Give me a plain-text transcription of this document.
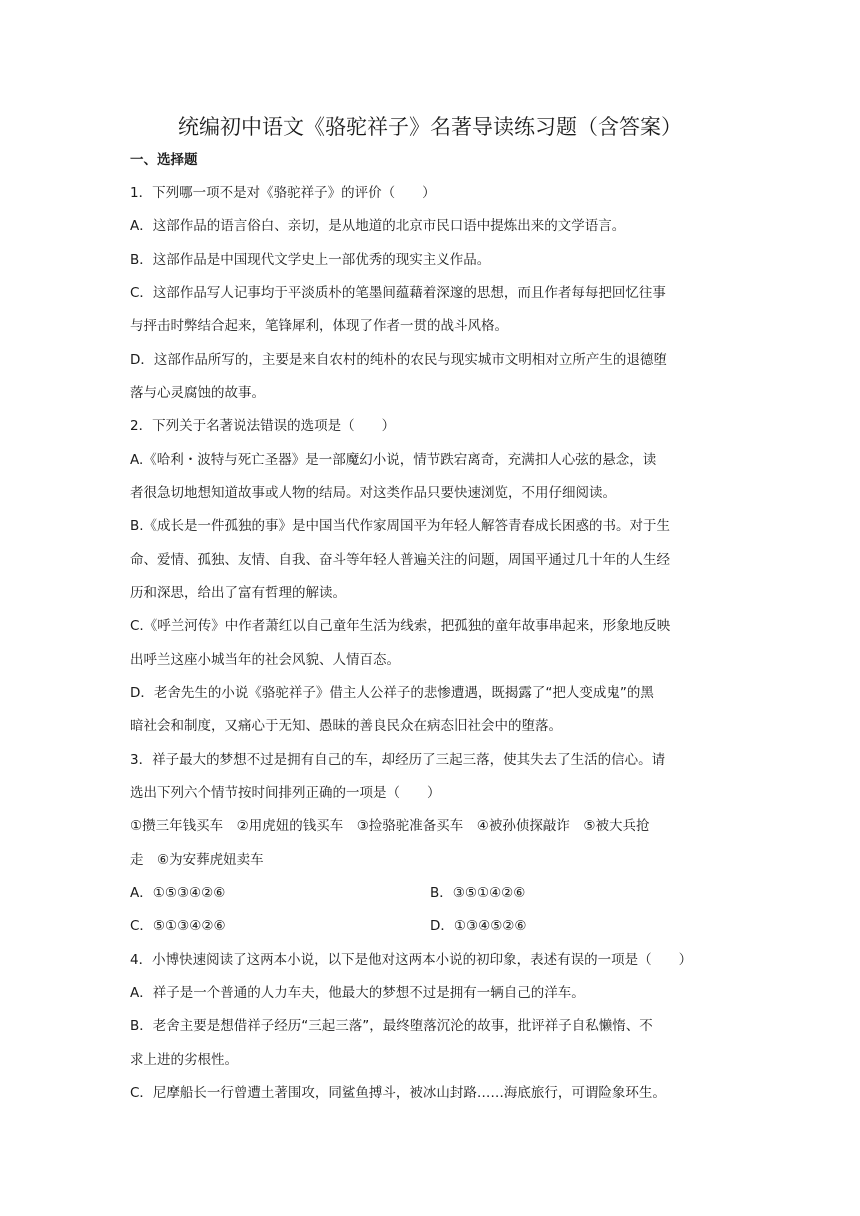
统编初中语文《骆驼祥子》名著导读练习题（含答案）
一、选择题
1．下列哪一项不是对《骆驼祥子》的评价（　　）
A．这部作品的语言俗白、亲切，是从地道的北京市民口语中提炼出来的文学语言。
B．这部作品是中国现代文学史上一部优秀的现实主义作品。
C．这部作品写人记事均于平淡质朴的笔墨间蕴藉着深邃的思想，而且作者每每把回忆往事
与抨击时弊结合起来，笔锋犀利，体现了作者一贯的战斗风格。
D．这部作品所写的，主要是来自农村的纯朴的农民与现实城市文明相对立所产生的退德堕
落与心灵腐蚀的故事。
2．下列关于名著说法错误的选项是（　　）
A.《哈利・波特与死亡圣器》是一部魔幻小说，情节跌宕离奇，充满扣人心弦的悬念，读
者很急切地想知道故事或人物的结局。对这类作品只要快速浏览，不用仔细阅读。
B.《成长是一件孤独的事》是中国当代作家周国平为年轻人解答青春成长困惑的书。对于生
命、爱情、孤独、友情、自我、奋斗等年轻人普遍关注的问题，周国平通过几十年的人生经
历和深思，给出了富有哲理的解读。
C.《呼兰河传》中作者萧红以自己童年生活为线索，把孤独的童年故事串起来，形象地反映
出呼兰这座小城当年的社会风貌、人情百态。
D．老舍先生的小说《骆驼祥子》借主人公祥子的悲惨遭遇，既揭露了“把人变成鬼”的黑
暗社会和制度，又痛心于无知、愚昧的善良民众在病态旧社会中的堕落。
3．祥子最大的梦想不过是拥有自己的车，却经历了三起三落，使其失去了生活的信心。请
选出下列六个情节按时间排列正确的一项是（　　）
①攒三年钱买车　②用虎妞的钱买车　③捡骆驼准备买车　④被孙侦探敲诈　⑤被大兵抢
走　⑥为安葬虎妞卖车
A．①⑤③④②⑥	B．③⑤①④②⑥
C．⑤①③④②⑥	D．①③④⑤②⑥
4．小博快速阅读了这两本小说，以下是他对这两本小说的初印象，表述有误的一项是（　　）
A．祥子是一个普通的人力车夫，他最大的梦想不过是拥有一辆自己的洋车。
B．老舍主要是想借祥子经历“三起三落”，最终堕落沉沦的故事，批评祥子自私懒惰、不
求上进的劣根性。
C．尼摩船长一行曾遭土著围攻，同鲨鱼搏斗，被冰山封路……海底旅行，可谓险象环生。
